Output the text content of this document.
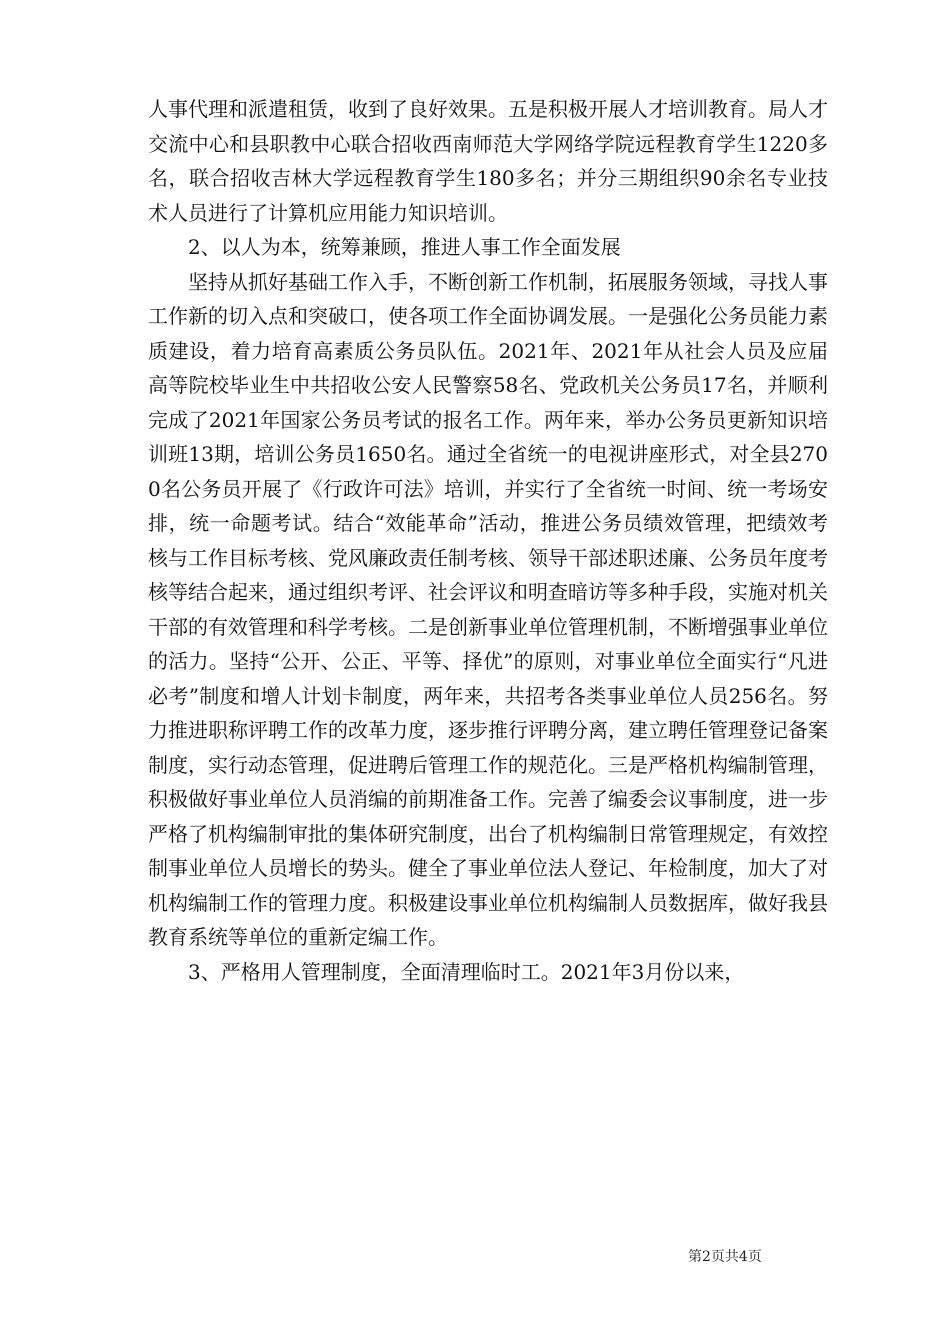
人事代理和派遣租赁，收到了良好效果。五是积极开展人才培训教育。局人才交流中心和县职教中心联合招收西南师范大学网络学院远程教育学生1220多名，联合招收吉林大学远程教育学生180多名；并分三期组织90余名专业技术人员进行了计算机应用能力知识培训。

2、以人为本，统筹兼顾，推进人事工作全面发展

坚持从抓好基础工作入手，不断创新工作机制，拓展服务领域，寻找人事工作新的切入点和突破口，使各项工作全面协调发展。一是强化公务员能力素质建设，着力培育高素质公务员队伍。2021年、2021年从社会人员及应届高等院校毕业生中共招收公安人民警察58名、党政机关公务员17名，并顺利完成了2021年国家公务员考试的报名工作。两年来，举办公务员更新知识培训班13期，培训公务员1650名。通过全省统一的电视讲座形式，对全县2700名公务员开展了《行政许可法》培训，并实行了全省统一时间、统一考场安排，统一命题考试。结合“效能革命”活动，推进公务员绩效管理，把绩效考核与工作目标考核、党风廉政责任制考核、领导干部述职述廉、公务员年度考核等结合起来，通过组织考评、社会评议和明查暗访等多种手段，实施对机关干部的有效管理和科学考核。二是创新事业单位管理机制，不断增强事业单位的活力。坚持“公开、公正、平等、择优”的原则，对事业单位全面实行“凡进必考”制度和增人计划卡制度，两年来，共招考各类事业单位人员256名。努力推进职称评聘工作的改革力度，逐步推行评聘分离，建立聘任管理登记备案制度，实行动态管理，促进聘后管理工作的规范化。三是严格机构编制管理，积极做好事业单位人员消编的前期准备工作。完善了编委会议事制度，进一步严格了机构编制审批的集体研究制度，出台了机构编制日常管理规定，有效控制事业单位人员增长的势头。健全了事业单位法人登记、年检制度，加大了对机构编制工作的管理力度。积极建设事业单位机构编制人员数据库，做好我县教育系统等单位的重新定编工作。

3、严格用人管理制度，全面清理临时工。2021年3月份以来，

第2页共4页
